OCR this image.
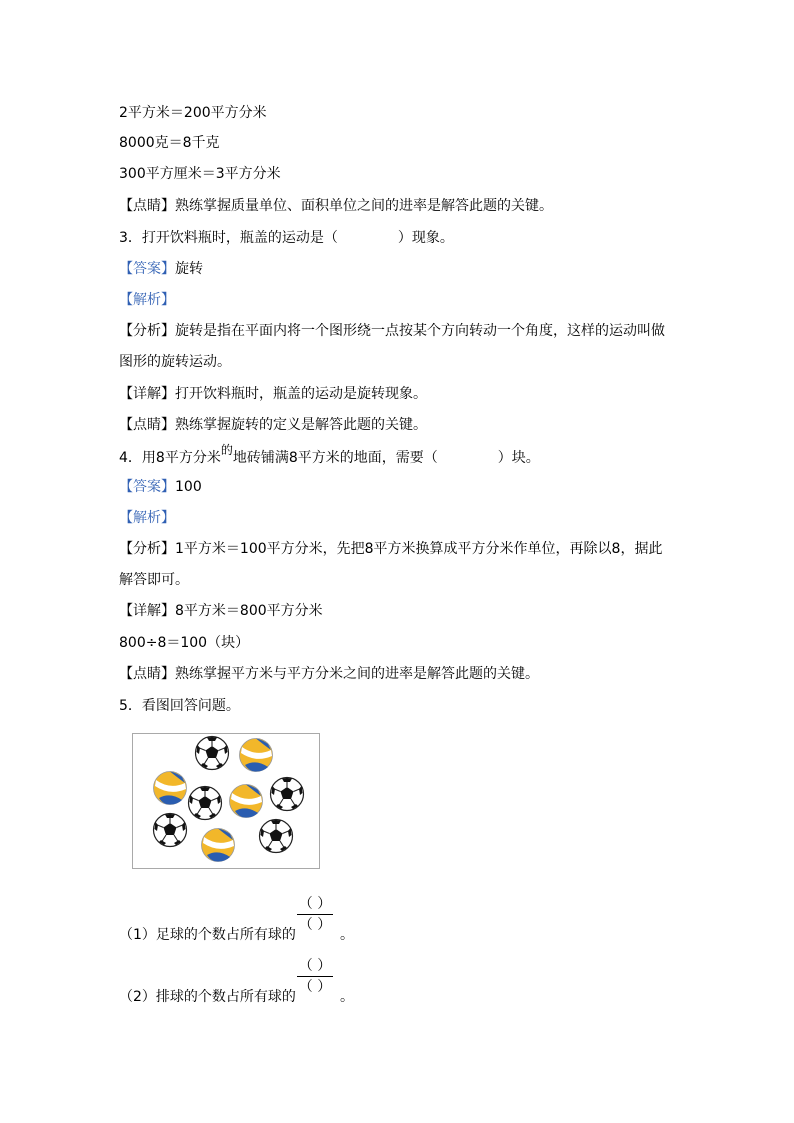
2平方米＝200平方分米
8000克＝8千克
300平方厘米＝3平方分米
【点睛】熟练掌握质量单位、面积单位之间的进率是解答此题的关键。
3．打开饮料瓶时，瓶盖的运动是（	）现象。
【答案】旋转
【解析】
【分析】旋转是指在平面内将一个图形绕一点按某个方向转动一个角度，这样的运动叫做
图形的旋转运动。
【详解】打开饮料瓶时，瓶盖的运动是旋转现象。
【点睛】熟练掌握旋转的定义是解答此题的关键。
4．用8平方分米的地砖铺满8平方米的地面，需要（	）块。
【答案】100
【解析】
【分析】1平方米＝100平方分米，先把8平方米换算成平方分米作单位，再除以8，据此
解答即可。
【详解】8平方米＝800平方分米
800÷8＝100（块）
【点睛】熟练掌握平方米与平方分米之间的进率是解答此题的关键。
5．看图回答问题。
（1）足球的个数占所有球的
（ ）
（ ）
。
（2）排球的个数占所有球的
（ ）
（ ）
。
